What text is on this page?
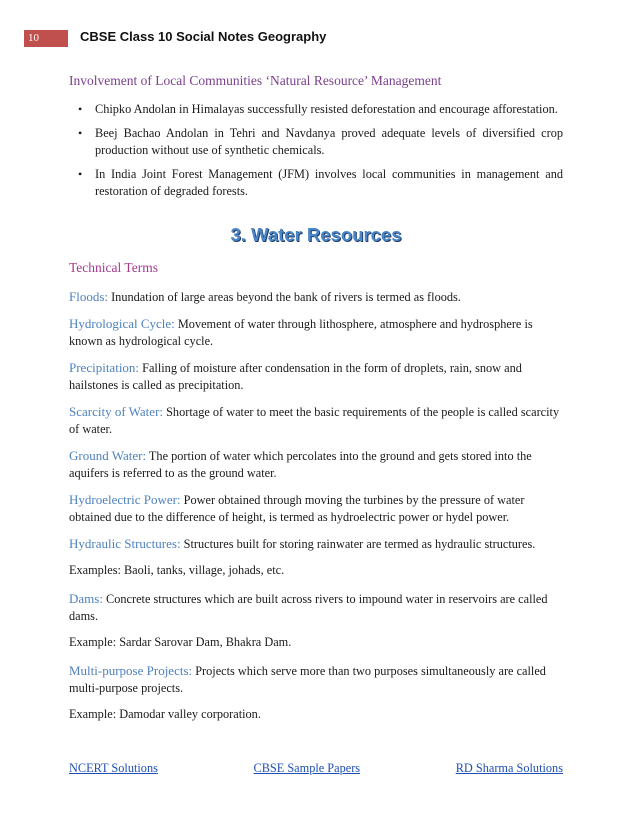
10	CBSE Class 10 Social Notes Geography
Involvement of Local Communities ‘Natural Resource’ Management
• Chipko Andolan in Himalayas successfully resisted deforestation and encourage afforestation.
• Beej Bachao Andolan in Tehri and Navdanya proved adequate levels of diversified crop production without use of synthetic chemicals.
• In India Joint Forest Management (JFM) involves local communities in management and restoration of degraded forests.
3. Water Resources
Technical Terms

Floods: Inundation of large areas beyond the bank of rivers is termed as floods.

Hydrological Cycle: Movement of water through lithosphere, atmosphere and hydrosphere is known as hydrological cycle.

Precipitation: Falling of moisture after condensation in the form of droplets, rain, snow and hailstones is called as precipitation.

Scarcity of Water: Shortage of water to meet the basic requirements of the people is called scarcity of water.

Ground Water: The portion of water which percolates into the ground and gets stored into the aquifers is referred to as the ground water.

Hydroelectric Power: Power obtained through moving the turbines by the pressure of water obtained due to the difference of height, is termed as hydroelectric power or hydel power.

Hydraulic Structures: Structures built for storing rainwater are termed as hydraulic structures.

Examples: Baoli, tanks, village, johads, etc.

Dams: Concrete structures which are built across rivers to impound water in reservoirs are called dams.

Example: Sardar Sarovar Dam, Bhakra Dam.

Multi-purpose Projects: Projects which serve more than two purposes simultaneously are called multi-purpose projects.

Example: Damodar valley corporation.

NCERT Solutions	CBSE Sample Papers	RD Sharma Solutions
